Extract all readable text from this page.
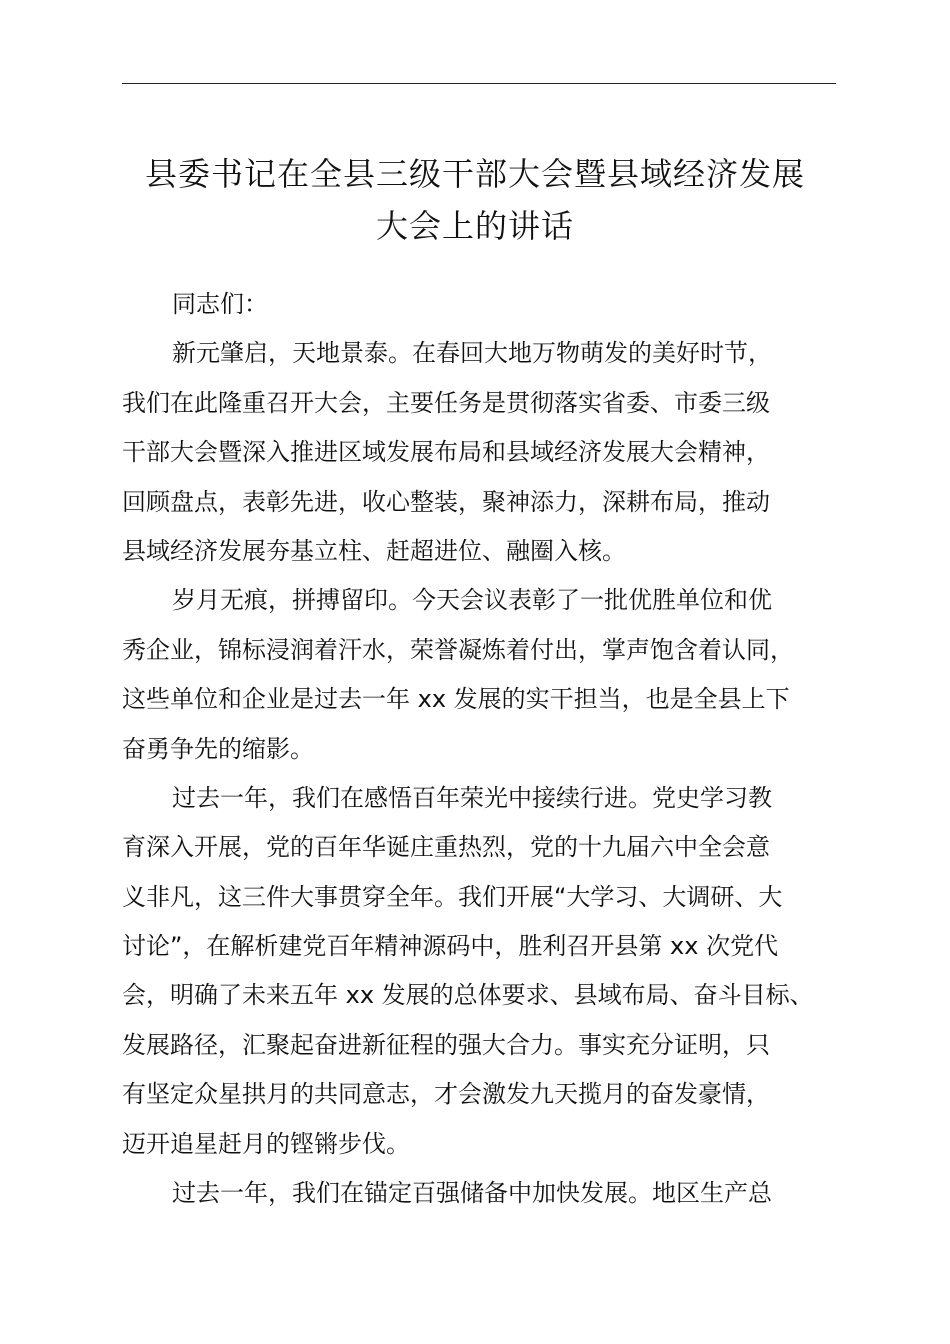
县委书记在全县三级干部大会暨县域经济发展
大会上的讲话
同志们：
新元肇启，天地景泰。在春回大地万物萌发的美好时节，
我们在此隆重召开大会，主要任务是贯彻落实省委、市委三级
干部大会暨深入推进区域发展布局和县域经济发展大会精神，
回顾盘点，表彰先进，收心整装，聚神添力，深耕布局，推动
县域经济发展夯基立柱、赶超进位、融圈入核。
岁月无痕，拼搏留印。今天会议表彰了一批优胜单位和优
秀企业，锦标浸润着汗水，荣誉凝炼着付出，掌声饱含着认同，
这些单位和企业是过去一年 xx 发展的实干担当，也是全县上下
奋勇争先的缩影。
过去一年，我们在感悟百年荣光中接续行进。党史学习教
育深入开展，党的百年华诞庄重热烈，党的十九届六中全会意
义非凡，这三件大事贯穿全年。我们开展“大学习、大调研、大
讨论”，在解析建党百年精神源码中，胜利召开县第 xx 次党代
会，明确了未来五年 xx 发展的总体要求、县域布局、奋斗目标、
发展路径，汇聚起奋进新征程的强大合力。事实充分证明，只
有坚定众星拱月的共同意志，才会激发九天揽月的奋发豪情，
迈开追星赶月的铿锵步伐。
过去一年，我们在锚定百强储备中加快发展。地区生产总
